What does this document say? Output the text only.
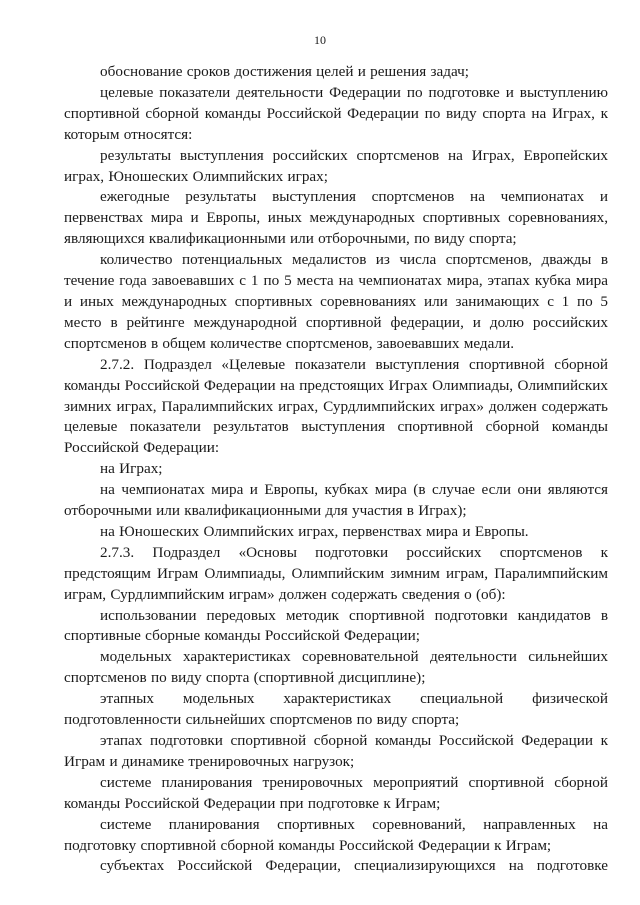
10

обоснование сроков достижения целей и решения задач;

целевые показатели деятельности Федерации по подготовке и выступлению спортивной сборной команды Российской Федерации по виду спорта на Играх, к которым относятся:

результаты выступления российских спортсменов на Играх, Европейских играх, Юношеских Олимпийских играх;

ежегодные результаты выступления спортсменов на чемпионатах и первенствах мира и Европы, иных международных спортивных соревнованиях, являющихся квалификационными или отборочными, по виду спорта;

количество потенциальных медалистов из числа спортсменов, дважды в течение года завоевавших с 1 по 5 места на чемпионатах мира, этапах кубка мира и иных международных спортивных соревнованиях или занимающих с 1 по 5 место в рейтинге международной спортивной федерации, и долю российских спортсменов в общем количестве спортсменов, завоевавших медали.

2.7.2. Подраздел «Целевые показатели выступления спортивной сборной команды Российской Федерации на предстоящих Играх Олимпиады, Олимпийских зимних играх, Паралимпийских играх, Сурдлимпийских играх» должен содержать целевые показатели результатов выступления спортивной сборной команды Российской Федерации:

на Играх;

на чемпионатах мира и Европы, кубках мира (в случае если они являются отборочными или квалификационными для участия в Играх);

на Юношеских Олимпийских играх, первенствах мира и Европы.

2.7.3. Подраздел «Основы подготовки российских спортсменов к предстоящим Играм Олимпиады, Олимпийским зимним играм, Паралимпийским играм, Сурдлимпийским играм» должен содержать сведения о (об):

использовании передовых методик спортивной подготовки кандидатов в спортивные сборные команды Российской Федерации;

модельных характеристиках соревновательной деятельности сильнейших спортсменов по виду спорта (спортивной дисциплине);

этапных модельных характеристиках специальной физической подготовленности сильнейших спортсменов по виду спорта;

этапах подготовки спортивной сборной команды Российской Федерации к Играм и динамике тренировочных нагрузок;

системе планирования тренировочных мероприятий спортивной сборной команды Российской Федерации при подготовке к Играм;

системе планирования спортивных соревнований, направленных на подготовку спортивной сборной команды Российской Федерации к Играм;

субъектах Российской Федерации, специализирующихся на подготовке
